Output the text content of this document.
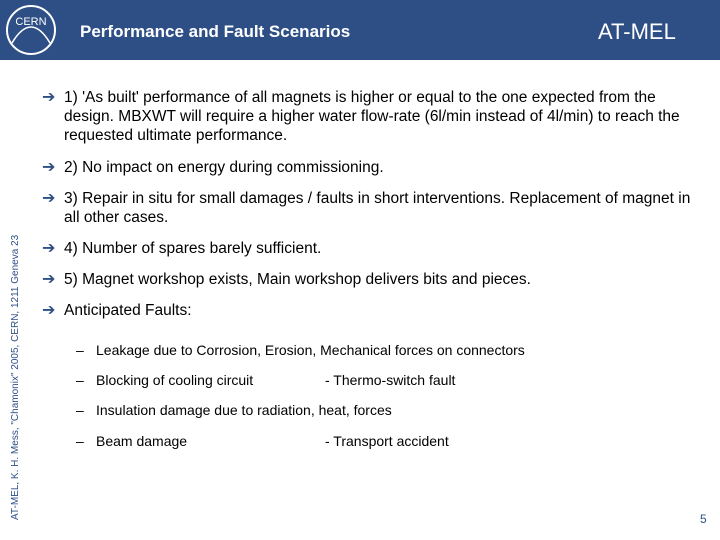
CERN Performance and Fault Scenarios	AT-MEL
AT-MEL, K. H. Mess, "Chamonix" 2005, CERN, 1211 Geneva 23
➔ 1) 'As built' performance of all magnets is higher or equal to the one expected from the design. MBXWT will require a higher water flow-rate (6l/min instead of 4l/min) to reach the requested ultimate performance.
➔ 2) No impact on energy during commissioning.
➔ 3) Repair in situ for small damages / faults in short interventions. Replacement of magnet in all other cases.
➔ 4) Number of spares barely sufficient.
➔ 5) Magnet workshop exists, Main workshop delivers bits and pieces.
➔ Anticipated Faults:
– Leakage due to Corrosion, Erosion, Mechanical forces on connectors
– Blocking of cooling circuit	- Thermo-switch fault
– Insulation damage due to radiation, heat, forces
– Beam damage	- Transport accident
5
